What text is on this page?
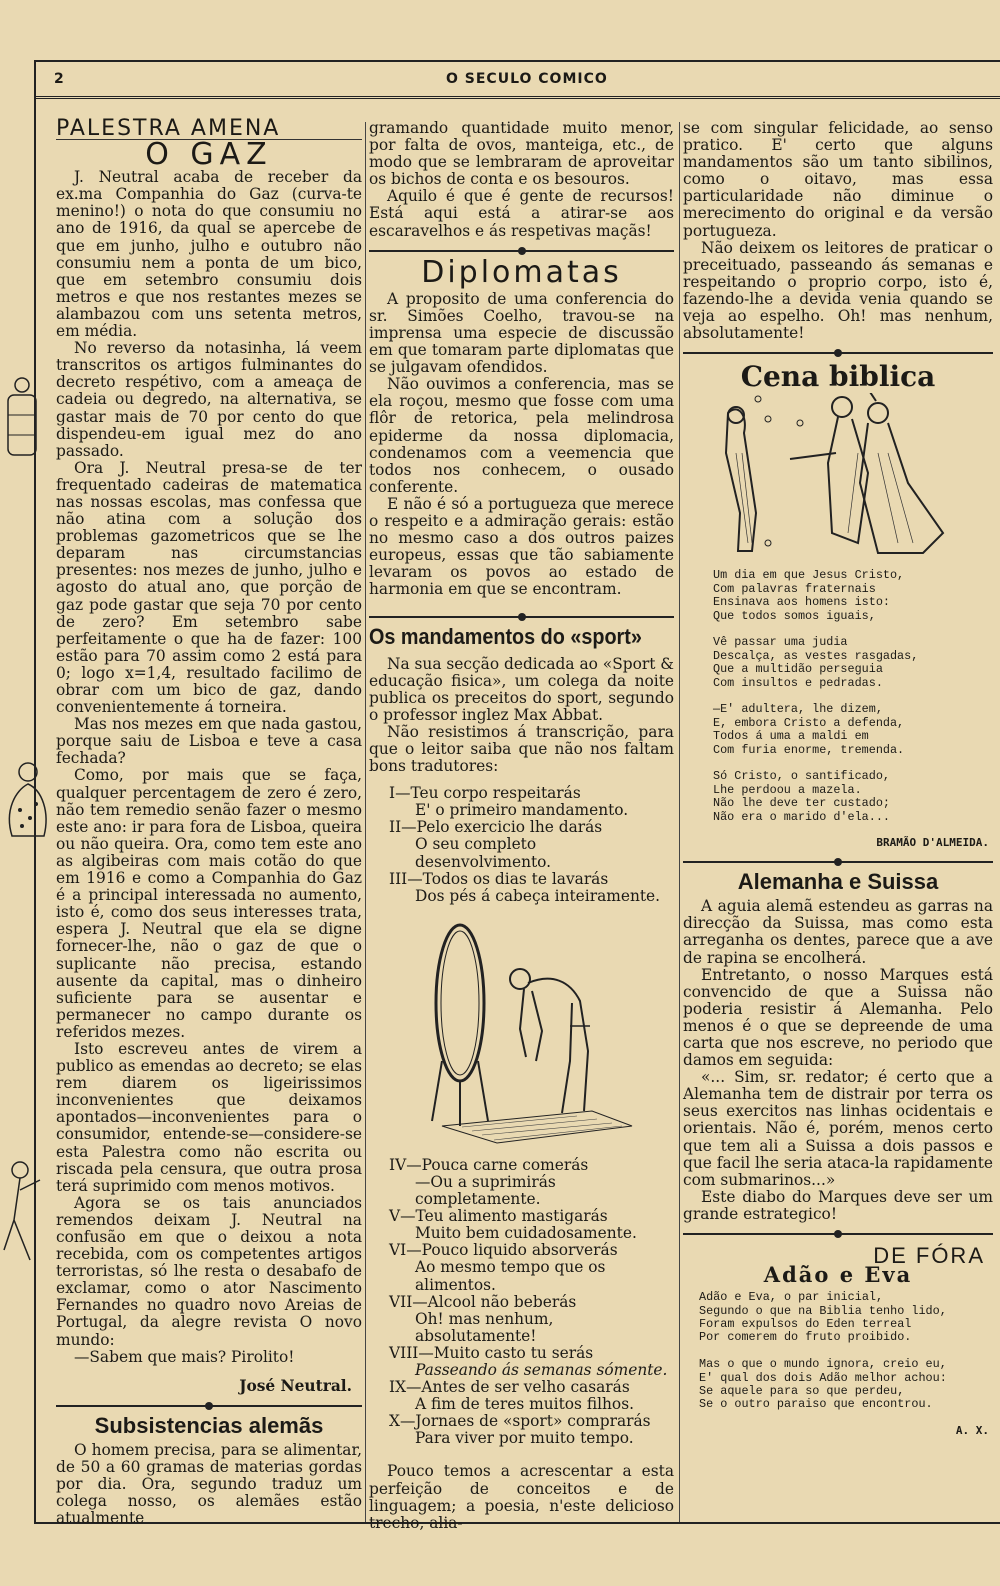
2	O SECULO COMICO
PALESTRA AMENA
O GAZ

J. Neutral acaba de receber da ex.ma Companhia do Gaz (curva-te menino!) o nota do que consumiu no ano de 1916, da qual se apercebe de que em junho, julho e outubro não consumiu nem a ponta de um bico, que em setembro consumiu dois metros e que nos restantes mezes se alambazou com uns setenta metros, em média.

No reverso da notasinha, lá veem transcritos os artigos fulminantes do decreto respétivo, com a ameaça de cadeia ou degredo, na alternativa, se gastar mais de 70 por cento do que dispendeu-em igual mez do ano passado.

Ora J. Neutral presa-se de ter frequentado cadeiras de matematica nas nossas escolas, mas confessa que não atina com a solução dos problemas gazometricos que se lhe deparam nas circumstancias presentes: nos mezes de junho, julho e agosto do atual ano, que porção de gaz pode gastar que seja 70 por cento de zero? Em setembro sabe perfeitamente o que ha de fazer: 100 estão para 70 assim como 2 está para 0; logo x=1,4, resultado facilimo de obrar com um bico de gaz, dando convenientemente á torneira.

Mas nos mezes em que nada gastou, porque saiu de Lisboa e teve a casa fechada?

Como, por mais que se faça, qualquer percentagem de zero é zero, não tem remedio senão fazer o mesmo este ano: ir para fora de Lisboa, queira ou não queira. Ora, como tem este ano as algibeiras com mais cotão do que em 1916 e como a Companhia do Gaz é a principal interessada no aumento, isto é, como dos seus interesses trata, espera J. Neutral que ela se digne fornecer-lhe, não o gaz de que o suplicante não precisa, estando ausente da capital, mas o dinheiro suficiente para se ausentar e permanecer no campo durante os referidos mezes.

Isto escreveu antes de virem a publico as emendas ao decreto; se elas rem diarem os ligeirissimos inconvenientes que deixamos apontados—inconvenientes para o consumidor, entende-se—considere-se esta Palestra como não escrita ou riscada pela censura, que outra prosa terá suprimido com menos motivos.

Agora se os tais anunciados remendos deixam J. Neutral na confusão em que o deixou a nota recebida, com os competentes artigos terroristas, só lhe resta o desabafo de exclamar, como o ator Nascimento Fernandes no quadro novo Areias de Portugal, da alegre revista O novo mundo:

—Sabem que mais? Pirolito!

José Neutral.
Subsistencias alemãs

O homem precisa, para se alimentar, de 50 a 60 gramas de materias gordas por dia. Ora, segundo traduz um colega nosso, os alemães estão atualmente

gramando quantidade muito menor, por falta de ovos, manteiga, etc., de modo que se lembraram de aproveitar os bichos de conta e os besouros.

Aquilo é que é gente de recursos! Está aqui está a atirar-se aos escaravelhos e ás respetivas maçãs!

Diplomatas

A proposito de uma conferencia do sr. Simões Coelho, travou-se na imprensa uma especie de discussão em que tomaram parte diplomatas que se julgavam ofendidos.

Não ouvimos a conferencia, mas se ela roçou, mesmo que fosse com uma flôr de retorica, pela melindrosa epiderme da nossa diplomacia, condenamos com a veemencia que todos nos conhecem, o ousado conferente.

E não é só a portugueza que merece o respeito e a admiração gerais: estão no mesmo caso a dos outros paizes europeus, essas que tão sabiamente levaram os povos ao estado de harmonia em que se encontram.

Os mandamentos do «sport»

Na sua secção dedicada ao «Sport & educação fisica», um colega da noite publica os preceitos do sport, segundo o professor inglez Max Abbat.

Não resistimos á transcrição, para que o leitor saiba que não nos faltam bons tradutores:

I—Teu corpo respeitarás
E' o primeiro mandamento.
II—Pelo exercicio lhe darás
O seu completo desenvolvimento.
III—Todos os dias te lavarás
Dos pés á cabeça inteiramente.
IV—Pouca carne comerás
—Ou a suprimirás completamente.
V—Teu alimento mastigarás
Muito bem cuidadosamente.
VI—Pouco liquido absorverás
Ao mesmo tempo que os alimentos.
VII—Alcool não beberás
Oh! mas nenhum, absolutamente!
VIII—Muito casto tu serás
Passeando ás semanas sómente.
IX—Antes de ser velho casarás
A fim de teres muitos filhos.
X—Jornaes de «sport» comprarás
Para viver por muito tempo.

Pouco temos a acrescentar a esta perfeição de conceitos e de linguagem; a poesia, n'este delicioso trecho, alia-

se com singular felicidade, ao senso pratico. E' certo que alguns mandamentos são um tanto sibilinos, como o oitavo, mas essa particularidade não diminue o merecimento do original e da versão portugueza.

Não deixem os leitores de praticar o preceituado, passeando ás semanas e respeitando o proprio corpo, isto é, fazendo-lhe a devida venia quando se veja ao espelho. Oh! mas nenhum, absolutamente!

Cena biblica
Um dia em que Jesus Cristo,
Com palavras fraternais
Ensinava aos homens isto:
Que todos somos iguais,

Vê passar uma judia
Descalça, as vestes rasgadas,
Que a multidão perseguia
Com insultos e pedradas.

—E' adultera, lhe dizem,
E, embora Cristo a defenda,
Todos á uma a maldi em
Com furia enorme, tremenda.

Só Cristo, o santificado,
Lhe perdoou a mazela.
Não lhe deve ter custado;
Não era o marido d'ela...
BRAMÃO D'ALMEIDA.
Alemanha e Suissa

A aguia alemã estendeu as garras na direcção da Suissa, mas como esta arreganha os dentes, parece que a ave de rapina se encolherá.

Entretanto, o nosso Marques está convencido de que a Suissa não poderia resistir á Alemanha. Pelo menos é o que se depreende de uma carta que nos escreve, no periodo que damos em seguida:

«... Sim, sr. redator; é certo que a Alemanha tem de distrair por terra os seus exercitos nas linhas ocidentais e orientais. Não é, porém, menos certo que tem ali a Suissa a dois passos e que facil lhe seria ataca-la rapidamente com submarinos...»

Este diabo do Marques deve ser um grande estrategico!

DE FÓRA
Adão e Eva
Adão e Eva, o par inicial,
Segundo o que na Biblia tenho lido,
Foram expulsos do Eden terreal
Por comerem do fruto proibido.

Mas o que o mundo ignora, creio eu,
E' qual dos dois Adão melhor achou:
Se aquele para so que perdeu,
Se o outro paraiso que encontrou.
A. X.
